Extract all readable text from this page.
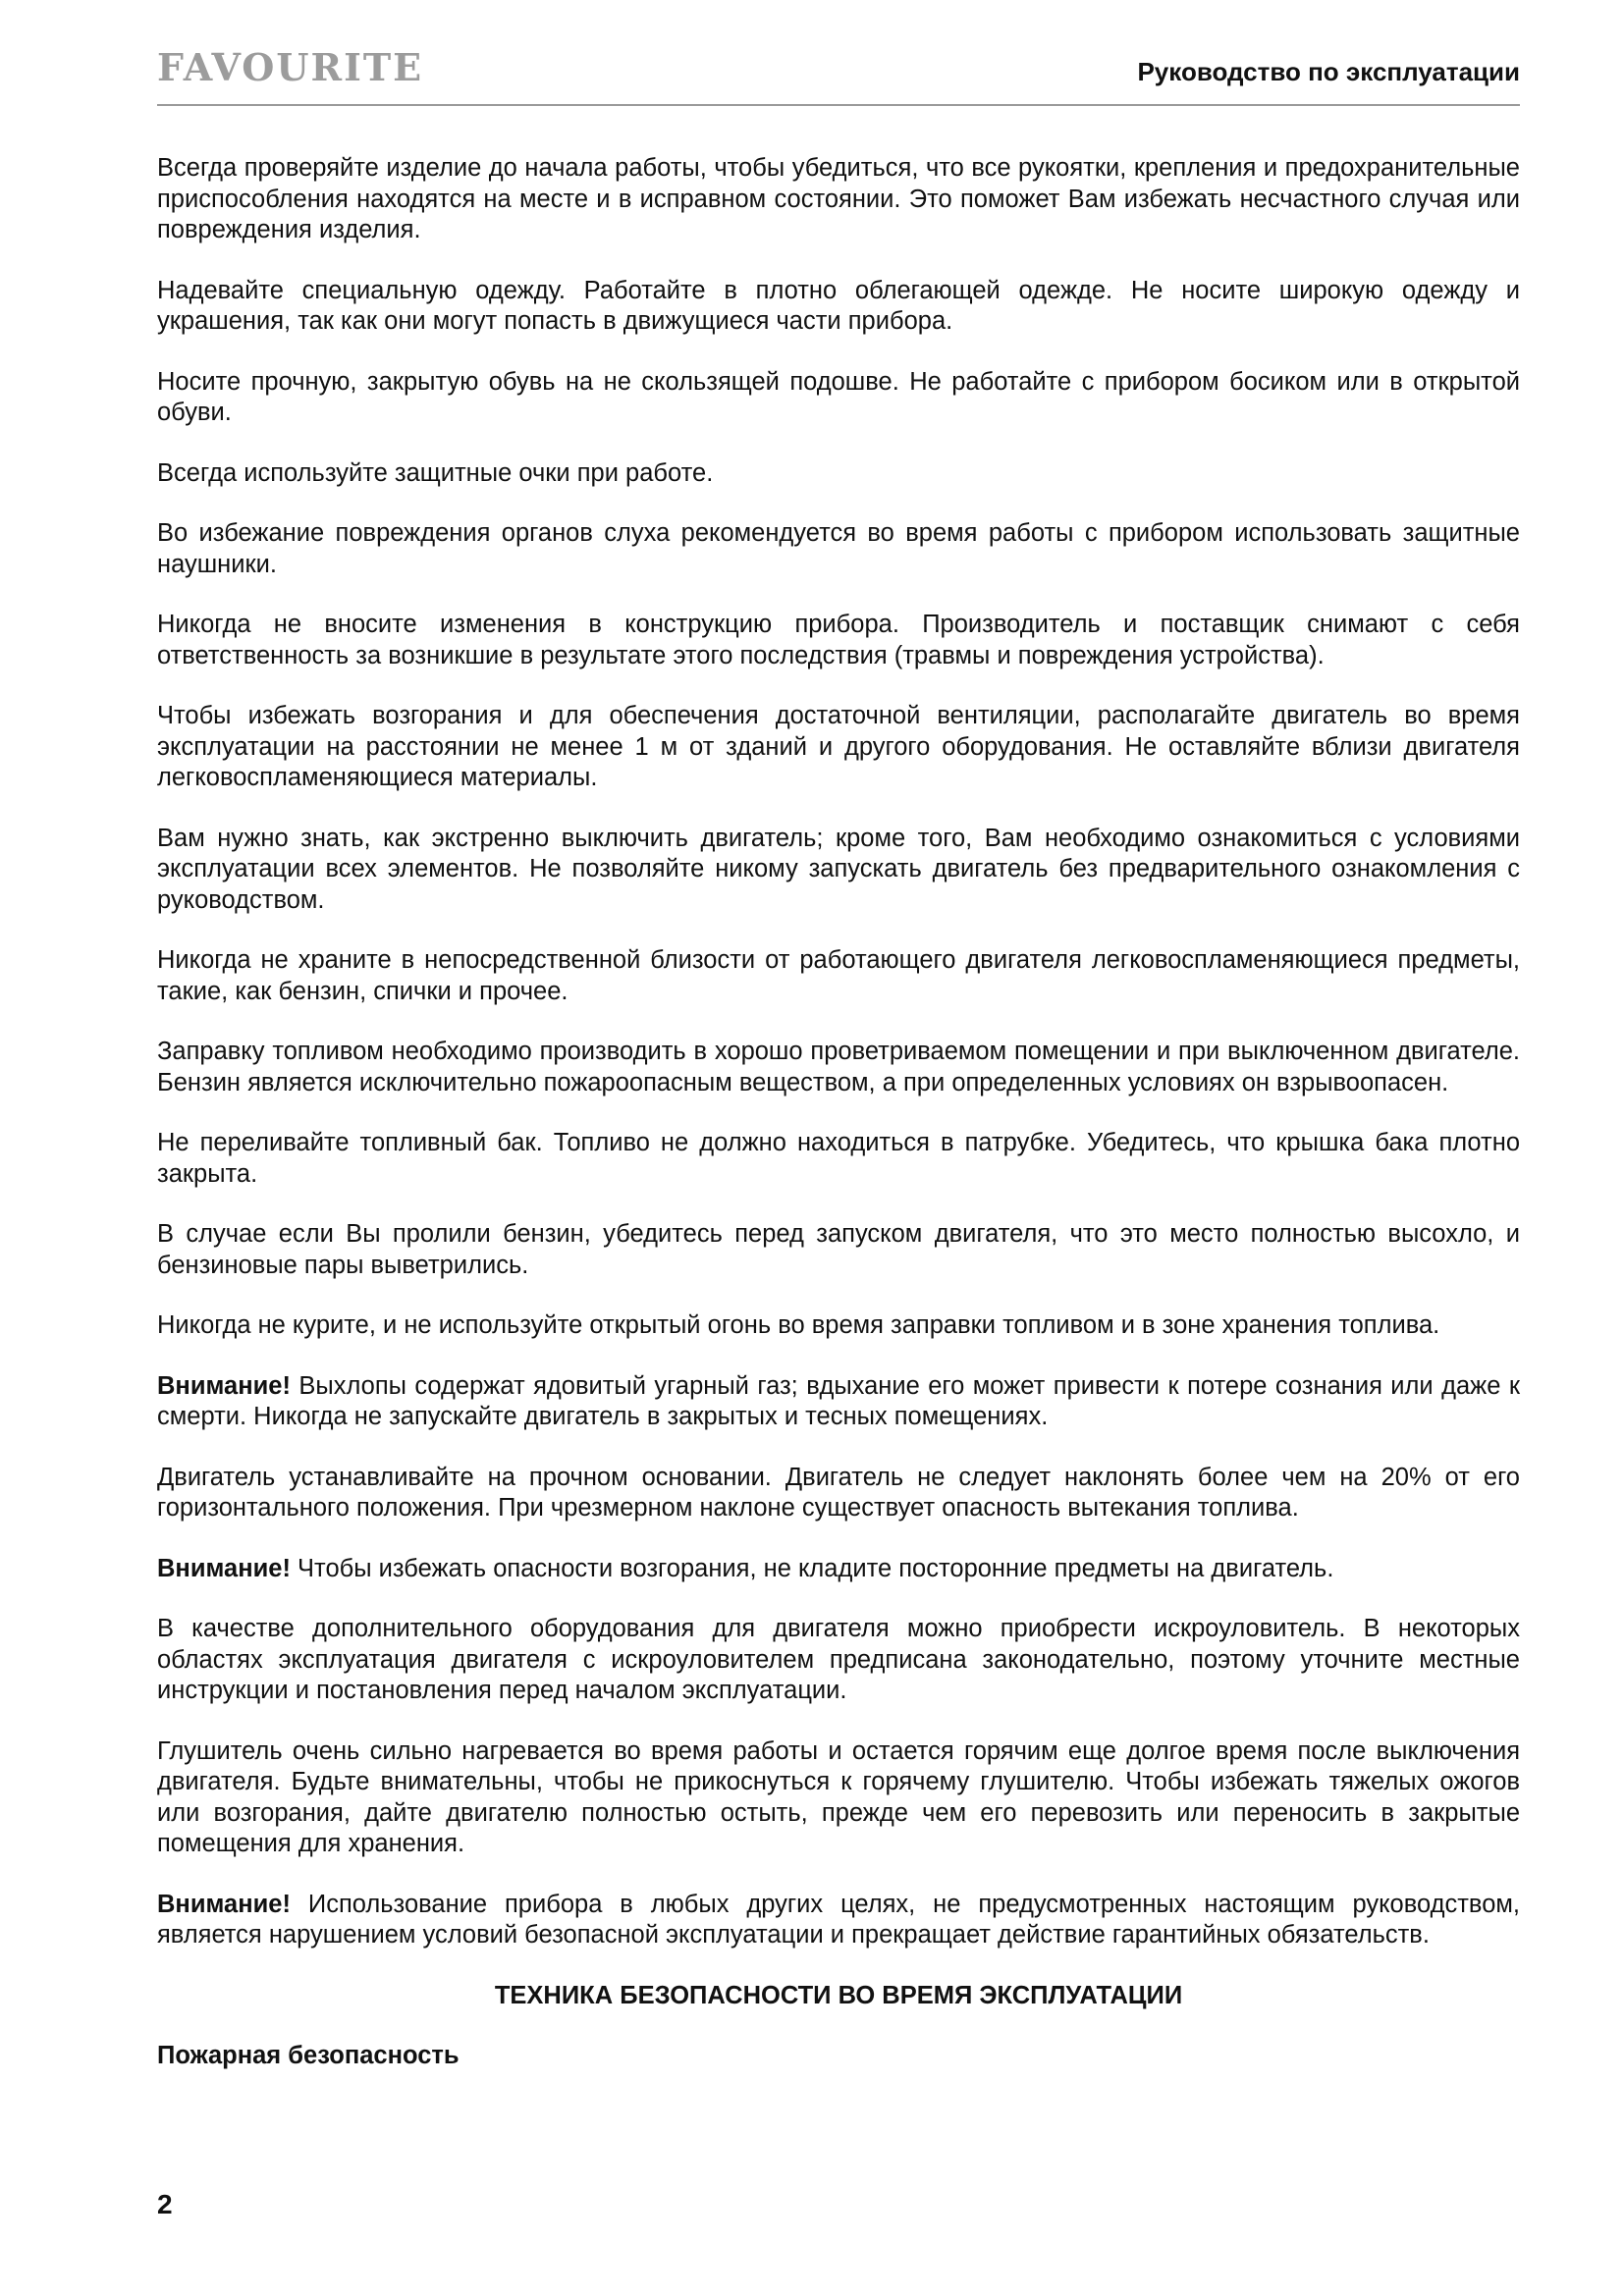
FAVOURITE	Руководство по эксплуатации

Всегда проверяйте изделие до начала работы, чтобы убедиться, что все рукоятки, крепления и предохранительные приспособления находятся на месте и в исправном состоянии. Это поможет Вам избежать несчастного случая или повреждения изделия.

Надевайте специальную одежду. Работайте в плотно облегающей одежде. Не носите широкую одежду и украшения, так как они могут попасть в движущиеся части прибора.

Носите прочную, закрытую обувь на не скользящей подошве. Не работайте с прибором босиком или в открытой обуви.

Всегда используйте защитные очки при работе.

Во избежание повреждения органов слуха рекомендуется во время работы с прибором использовать защитные наушники.

Никогда не вносите изменения в конструкцию прибора. Производитель и поставщик снимают с себя ответственность за возникшие в результате этого последствия (травмы и повреждения устройства).

Чтобы избежать возгорания и для обеспечения достаточной вентиляции, располагайте двигатель во время эксплуатации на расстоянии не менее 1 м от зданий и другого оборудования. Не оставляйте вблизи двигателя легковоспламеняющиеся материалы.

Вам нужно знать, как экстренно выключить двигатель; кроме того, Вам необходимо ознакомиться с условиями эксплуатации всех элементов. Не позволяйте никому запускать двигатель без предварительного ознакомления с руководством.

Никогда не храните в непосредственной близости от работающего двигателя легковоспламеняющиеся предметы, такие, как бензин, спички и прочее.

Заправку топливом необходимо производить в хорошо проветриваемом помещении и при выключенном двигателе. Бензин является исключительно пожароопасным веществом, а при определенных условиях он взрывоопасен.

Не переливайте топливный бак. Топливо не должно находиться в патрубке. Убедитесь, что крышка бака плотно закрыта.

В случае если Вы пролили бензин, убедитесь перед запуском двигателя, что это место полностью высохло, и бензиновые пары выветрились.

Никогда не курите, и не используйте открытый огонь во время заправки топливом и в зоне хранения топлива.

Внимание! Выхлопы содержат ядовитый угарный газ; вдыхание его может привести к потере сознания или даже к смерти. Никогда не запускайте двигатель в закрытых и тесных помещениях.

Двигатель устанавливайте на прочном основании. Двигатель не следует наклонять более чем на 20% от его горизонтального положения. При чрезмерном наклоне существует опасность вытекания топлива.

Внимание! Чтобы избежать опасности возгорания, не кладите посторонние предметы на двигатель.

В качестве дополнительного оборудования для двигателя можно приобрести искроуловитель. В некоторых областях эксплуатация двигателя с искроуловителем предписана законодательно, поэтому уточните местные инструкции и постановления перед началом эксплуатации.

Глушитель очень сильно нагревается во время работы и остается горячим еще долгое время после выключения двигателя. Будьте внимательны, чтобы не прикоснуться к горячему глушителю. Чтобы избежать тяжелых ожогов или возгорания, дайте двигателю полностью остыть, прежде чем его перевозить или переносить в закрытые помещения для хранения.

Внимание! Использование прибора в любых других целях, не предусмотренных настоящим руководством, является нарушением условий безопасной эксплуатации и прекращает действие гарантийных обязательств.

ТЕХНИКА БЕЗОПАСНОСТИ ВО ВРЕМЯ ЭКСПЛУАТАЦИИ
Пожарная безопасность
2
